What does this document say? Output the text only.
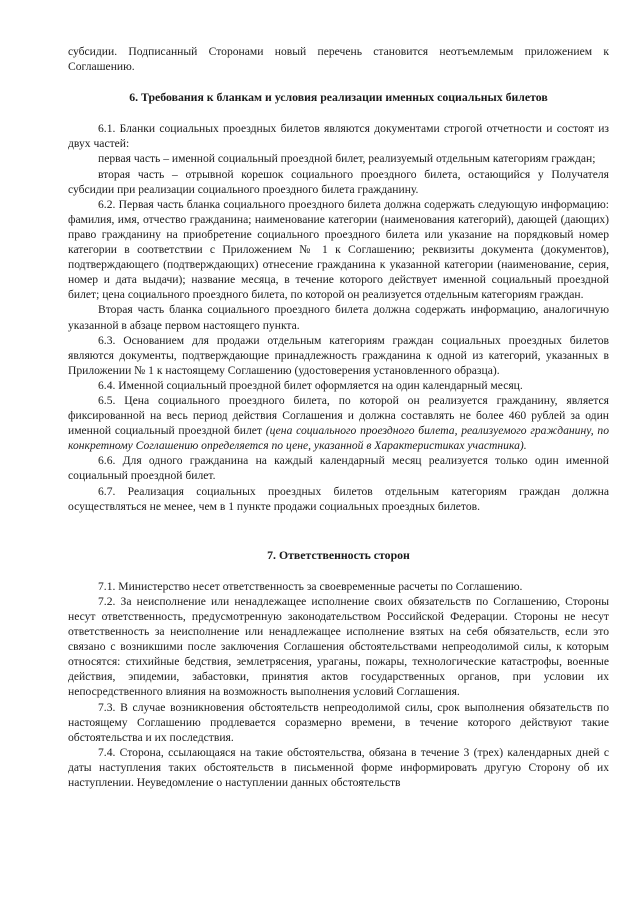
субсидии. Подписанный Сторонами новый перечень становится неотъемлемым приложением к Соглашению.

6. Требования к бланкам и условия реализации именных социальных билетов

6.1. Бланки социальных проездных билетов являются документами строгой отчетности и состоят из двух частей:

первая часть – именной социальный проездной билет, реализуемый отдельным категориям граждан;

вторая часть – отрывной корешок социального проездного билета, остающийся у Получателя субсидии при реализации социального проездного билета гражданину.

6.2. Первая часть бланка социального проездного билета должна содержать следующую информацию: фамилия, имя, отчество гражданина; наименование категории (наименования категорий), дающей (дающих) право гражданину на приобретение социального проездного билета или указание на порядковый номер категории в соответствии с Приложением № 1 к Соглашению; реквизиты документа (документов), подтверждающего (подтверждающих) отнесение гражданина к указанной категории (наименование, серия, номер и дата выдачи); название месяца, в течение которого действует именной социальный проездной билет; цена социального проездного билета, по которой он реализуется отдельным категориям граждан.

Вторая часть бланка социального проездного билета должна содержать информацию, аналогичную указанной в абзаце первом настоящего пункта.

6.3. Основанием для продажи отдельным категориям граждан социальных проездных билетов являются документы, подтверждающие принадлежность гражданина к одной из категорий, указанных в Приложении № 1 к настоящему Соглашению (удостоверения установленного образца).

6.4. Именной социальный проездной билет оформляется на один календарный месяц.

6.5. Цена социального проездного билета, по которой он реализуется гражданину, является фиксированной на весь период действия Соглашения и должна составлять не более 460 рублей за один именной социальный проездной билет (цена социального проездного билета, реализуемого гражданину, по конкретному Соглашению определяется по цене, указанной в Характеристиках участника).

6.6. Для одного гражданина на каждый календарный месяц реализуется только один именной социальный проездной билет.

6.7. Реализация социальных проездных билетов отдельным категориям граждан должна осуществляться не менее, чем в 1 пункте продажи социальных проездных билетов.

7. Ответственность сторон

7.1. Министерство несет ответственность за своевременные расчеты по Соглашению.

7.2. За неисполнение или ненадлежащее исполнение своих обязательств по Соглашению, Стороны несут ответственность, предусмотренную законодательством Российской Федерации. Стороны не несут ответственность за неисполнение или ненадлежащее исполнение взятых на себя обязательств, если это связано с возникшими после заключения Соглашения обстоятельствами непреодолимой силы, к которым относятся: стихийные бедствия, землетрясения, ураганы, пожары, технологические катастрофы, военные действия, эпидемии, забастовки, принятия актов государственных органов, при условии их непосредственного влияния на возможность выполнения условий Соглашения.

7.3. В случае возникновения обстоятельств непреодолимой силы, срок выполнения обязательств по настоящему Соглашению продлевается соразмерно времени, в течение которого действуют такие обстоятельства и их последствия.

7.4. Сторона, ссылающаяся на такие обстоятельства, обязана в течение 3 (трех) календарных дней с даты наступления таких обстоятельств в письменной форме информировать другую Сторону об их наступлении. Неуведомление о наступлении данных обстоятельств
